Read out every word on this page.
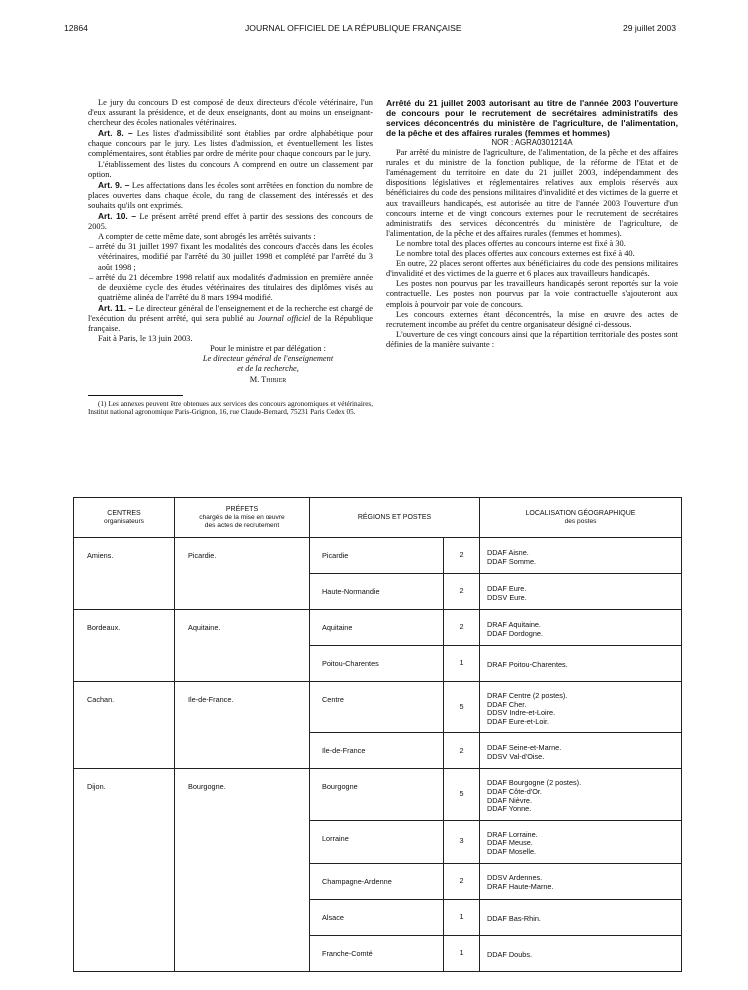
12864	JOURNAL OFFICIEL DE LA RÉPUBLIQUE FRANÇAISE	29 juillet 2003

Le jury du concours D est composé de deux directeurs d'école vétérinaire, l'un d'eux assurant la présidence, et de deux enseignants, dont au moins un enseignant-chercheur des écoles nationales vétérinaires.

Art. 8. – Les listes d'admissibilité sont établies par ordre alphabétique pour chaque concours par le jury. Les listes d'admission, et éventuellement les listes complémentaires, sont établies par ordre de mérite pour chaque concours par le jury.

L'établissement des listes du concours A comprend en outre un classement par option.

Art. 9. – Les affectations dans les écoles sont arrêtées en fonction du nombre de places ouvertes dans chaque école, du rang de classement des intéressés et des souhaits qu'ils ont exprimés.

Art. 10. – Le présent arrêté prend effet à partir des sessions des concours de 2005.

A compter de cette même date, sont abrogés les arrêtés suivants :

– arrêté du 31 juillet 1997 fixant les modalités des concours d'accès dans les écoles vétérinaires, modifié par l'arrêté du 30 juillet 1998 et complété par l'arrêté du 3 août 1998 ;

– arrêté du 21 décembre 1998 relatif aux modalités d'admission en première année de deuxième cycle des études vétérinaires des titulaires des diplômes visés au quatrième alinéa de l'arrêté du 8 mars 1994 modifié.

Art. 11. – Le directeur général de l'enseignement et de la recherche est chargé de l'exécution du présent arrêté, qui sera publié au Journal officiel de la République française.

Fait à Paris, le 13 juin 2003.

Pour le ministre et par délégation :
Le directeur général de l'enseignement
et de la recherche,
M. Thibier

(1) Les annexes peuvent être obtenues aux services des concours agronomiques et vétérinaires, Institut national agronomique Paris-Grignon, 16, rue Claude-Bernard, 75231 Paris Cedex 05.

Arrêté du 21 juillet 2003 autorisant au titre de l'année 2003 l'ouverture de concours pour le recrutement de secrétaires administratifs des services déconcentrés du ministère de l'agriculture, de l'alimentation, de la pêche et des affaires rurales (femmes et hommes)

NOR : AGRA0301214A

Par arrêté du ministre de l'agriculture, de l'alimentation, de la pêche et des affaires rurales et du ministre de la fonction publique, de la réforme de l'Etat et de l'aménagement du territoire en date du 21 juillet 2003, indépendamment des dispositions législatives et réglementaires relatives aux emplois réservés aux bénéficiaires du code des pensions militaires d'invalidité et des victimes de la guerre et aux travailleurs handicapés, est autorisée au titre de l'année 2003 l'ouverture d'un concours interne et de vingt concours externes pour le recrutement de secrétaires administratifs des services déconcentrés du ministère de l'agriculture, de l'alimentation, de la pêche et des affaires rurales (femmes et hommes).

Le nombre total des places offertes au concours interne est fixé à 30.

Le nombre total des places offertes aux concours externes est fixé à 40.

En outre, 22 places seront offertes aux bénéficiaires du code des pensions militaires d'invalidité et des victimes de la guerre et 6 places aux travailleurs handicapés.

Les postes non pourvus par les travailleurs handicapés seront reportés sur la voie contractuelle. Les postes non pourvus par la voie contractuelle s'ajouteront aux emplois à pourvoir par voie de concours.

Les concours externes étant déconcentrés, la mise en œuvre des actes de recrutement incombe au préfet du centre organisateur désigné ci-dessous.

L'ouverture de ces vingt concours ainsi que la répartition territoriale des postes sont définies de la manière suivante :

CENTRES
organisateurs	PRÉFETS
chargés de la mise en œuvre
des actes de recrutement	RÉGIONS ET POSTES		LOCALISATION GÉOGRAPHIQUE
des postes
Amiens.	Picardie.	Picardie	2	DDAF Aisne.
DDAF Somme.

		Haute-Normandie	2	DDAF Eure.
DDSV Eure.

Bordeaux.	Aquitaine.	Aquitaine	2	DRAF Aquitaine.
DDAF Dordogne.

		Poitou-Charentes	1	DRAF Poitou-Charentes.

Cachan.	Ile-de-France.	Centre	5	DRAF Centre (2 postes).
DDAF Cher.
DDSV Indre-et-Loire.
DDAF Eure-et-Loir.

		Ile-de-France	2	DDAF Seine-et-Marne.
DDSV Val-d'Oise.

Dijon.	Bourgogne.	Bourgogne	5	DDAF Bourgogne (2 postes).
DDAF Côte-d'Or.
DDAF Nièvre.
DDAF Yonne.

		Lorraine	3	DRAF Lorraine.
DDAF Meuse.
DDAF Moselle.

		Champagne-Ardenne	2	DDSV Ardennes.
DRAF Haute-Marne.

		Alsace	1	DDAF Bas-Rhin.

		Franche-Comté	1	DDAF Doubs.
